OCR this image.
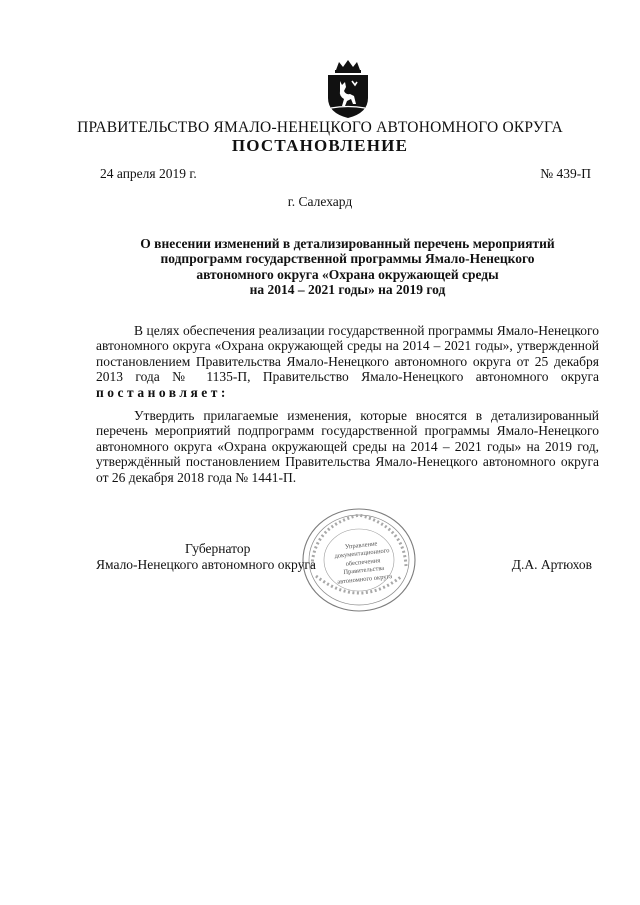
ПРАВИТЕЛЬСТВО ЯМАЛО-НЕНЕЦКОГО АВТОНОМНОГО ОКРУГА
ПОСТАНОВЛЕНИЕ
24 апреля 2019 г.	№ 439-П
г. Салехард
О внесении изменений в детализированный перечень мероприятий
подпрограмм государственной программы Ямало-Ненецкого
автономного округа «Охрана окружающей среды
на 2014 – 2021 годы» на 2019 год
В целях обеспечения реализации государственной программы Ямало-Ненецкого автономного округа «Охрана окружающей среды на 2014 – 2021 годы», утвержденной постановлением Правительства Ямало-Ненецкого автономного округа от 25 декабря 2013 года № 1135-П, Правительство Ямало-Ненецкого автономного округа постановляет:
Утвердить прилагаемые изменения, которые вносятся в детализированный перечень мероприятий подпрограмм государственной программы Ямало-Ненецкого автономного округа «Охрана окружающей среды на 2014 – 2021 годы» на 2019 год, утверждённый постановлением Правительства Ямало-Ненецкого автономного округа от 26 декабря 2018 года № 1441-П.
Управление документационного обеспечения Правительства автономного округа
Губернатор
Ямало-Ненецкого автономного округа	Д.А. Артюхов
